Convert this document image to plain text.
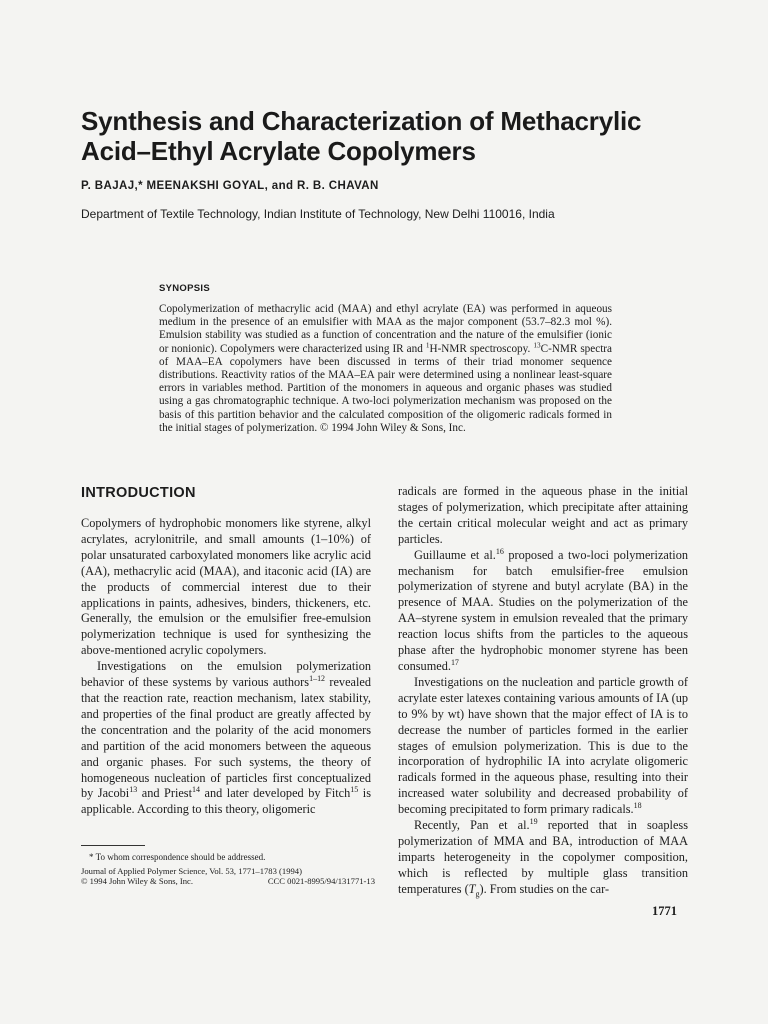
Synthesis and Characterization of Methacrylic Acid–Ethyl Acrylate Copolymers
P. BAJAJ,* MEENAKSHI GOYAL, and R. B. CHAVAN
Department of Textile Technology, Indian Institute of Technology, New Delhi 110016, India
SYNOPSIS

Copolymerization of methacrylic acid (MAA) and ethyl acrylate (EA) was performed in aqueous medium in the presence of an emulsifier with MAA as the major component (53.7–82.3 mol %). Emulsion stability was studied as a function of concentration and the nature of the emulsifier (ionic or nonionic). Copolymers were characterized using IR and $^1$H-NMR spectroscopy. $^{13}$C-NMR spectra of MAA–EA copolymers have been discussed in terms of their triad monomer sequence distributions. Reactivity ratios of the MAA–EA pair were determined using a nonlinear least-square errors in variables method. Partition of the monomers in aqueous and organic phases was studied using a gas chromatographic technique. A two-loci polymerization mechanism was proposed on the basis of this partition behavior and the calculated composition of the oligomeric radicals formed in the initial stages of polymerization. © 1994 John Wiley & Sons, Inc.

INTRODUCTION

Copolymers of hydrophobic monomers like styrene, alkyl acrylates, acrylonitrile, and small amounts (1–10%) of polar unsaturated carboxylated monomers like acrylic acid (AA), methacrylic acid (MAA), and itaconic acid (IA) are the products of commercial interest due to their applications in paints, adhesives, binders, thickeners, etc. Generally, the emulsion or the emulsifier free-emulsion polymerization technique is used for synthesizing the above-mentioned acrylic copolymers.

Investigations on the emulsion polymerization behavior of these systems by various authors$^{1-12}$ revealed that the reaction rate, reaction mechanism, latex stability, and properties of the final product are greatly affected by the concentration and the polarity of the acid monomers and partition of the acid monomers between the aqueous and organic phases. For such systems, the theory of homogeneous nucleation of particles first conceptualized by Jacobi$^{13}$ and Priest$^{14}$ and later developed by Fitch$^{15}$ is applicable. According to this theory, oligomeric

radicals are formed in the aqueous phase in the initial stages of polymerization, which precipitate after attaining the certain critical molecular weight and act as primary particles.

Guillaume et al.$^{16}$ proposed a two-loci polymerization mechanism for batch emulsifier-free emulsion polymerization of styrene and butyl acrylate (BA) in the presence of MAA. Studies on the polymerization of the AA–styrene system in emulsion revealed that the primary reaction locus shifts from the particles to the aqueous phase after the hydrophobic monomer styrene has been consumed.$^{17}$

Investigations on the nucleation and particle growth of acrylate ester latexes containing various amounts of IA (up to 9% by wt) have shown that the major effect of IA is to decrease the number of particles formed in the earlier stages of emulsion polymerization. This is due to the incorporation of hydrophilic IA into acrylate oligomeric radicals formed in the aqueous phase, resulting into their increased water solubility and decreased probability of becoming precipitated to form primary radicals.$^{18}$

Recently, Pan et al.$^{19}$ reported that in soapless polymerization of MMA and BA, introduction of MAA imparts heterogeneity in the copolymer composition, which is reflected by multiple glass transition temperatures $(T_g)$. From studies on the car-

* To whom correspondence should be addressed.
Journal of Applied Polymer Science, Vol. 53, 1771–1783 (1994)
© 1994 John Wiley & Sons, Inc.	CCC 0021-8995/94/131771-13
1771
